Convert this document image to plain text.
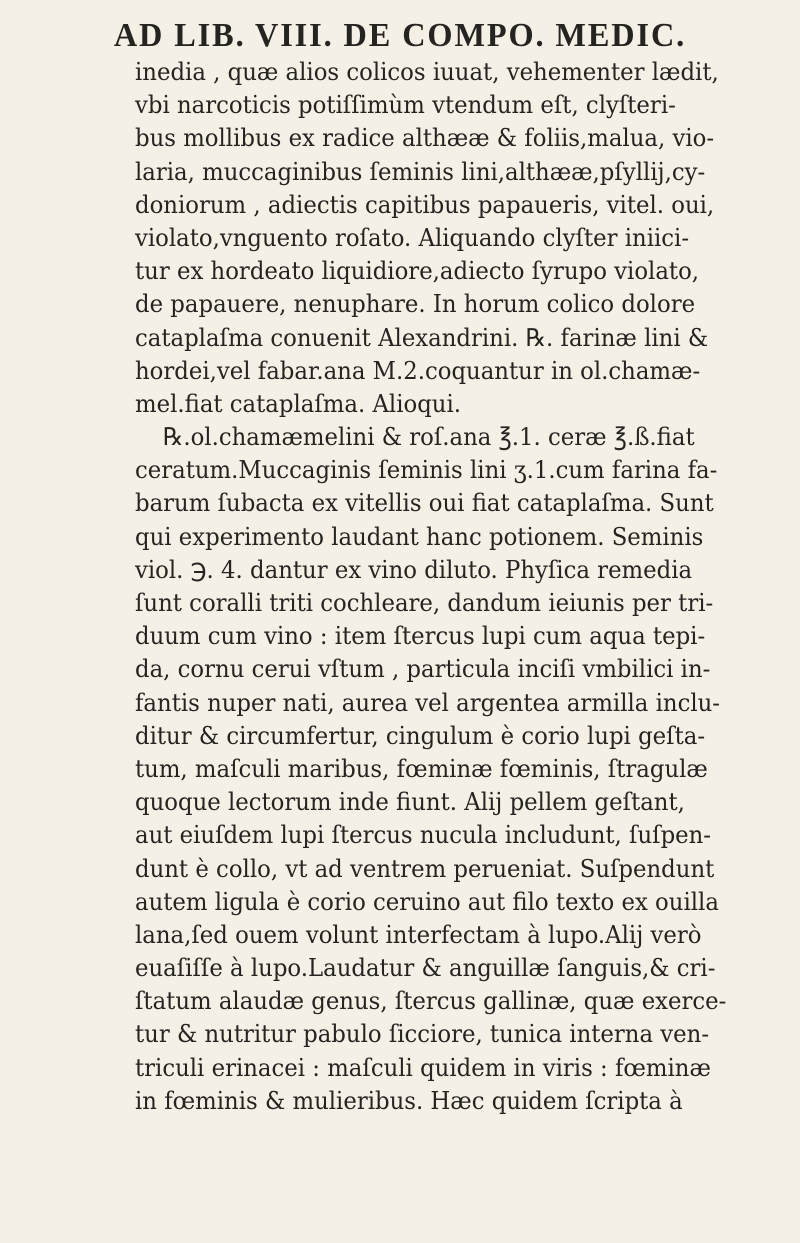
AD LIB. VIII. DE COMPO. MEDIC.
inedia , quæ alios colicos iuuat, vehementer lædit,
vbi narcoticis potiſſimùm vtendum eſt, clyſteri-
bus mollibus ex radice althææ & foliis,malua, vio-
laria, muccaginibus ſeminis lini,althææ,pſyllij,cy-
doniorum , adiectis capitibus papaueris, vitel. oui,
violato,vnguento roſato. Aliquando clyſter iniici-
tur ex hordeato liquidiore,adiecto ſyrupo violato,
de papauere, nenuphare. In horum colico dolore
cataplaſma conuenit Alexandrini. ℞. farinæ lini &
hordei,vel fabar.ana M.2.coquantur in ol.chamæ-
mel.fiat cataplaſma. Alioqui.
℞.ol.chamæmelini & roſ.ana ℥.1. ceræ ℥.ß.fiat
ceratum.Muccaginis ſeminis lini ʒ.1.cum farina fa-
barum ſubacta ex vitellis oui fiat cataplaſma. Sunt
qui experimento laudant hanc potionem. Seminis
viol. ℈. 4. dantur ex vino diluto. Phyſica remedia
ſunt coralli triti cochleare, dandum ieiunis per tri-
duum cum vino : item ſtercus lupi cum aqua tepi-
da, cornu cerui vſtum , particula inciſi vmbilici in-
fantis nuper nati, aurea vel argentea armilla inclu-
ditur & circumfertur, cingulum è corio lupi geſta-
tum, maſculi maribus, fœminæ fœminis, ſtragulæ
quoque lectorum inde fiunt. Alij pellem geſtant,
aut eiuſdem lupi ſtercus nucula includunt, ſuſpen-
dunt è collo, vt ad ventrem perueniat. Suſpendunt
autem ligula è corio ceruino aut filo texto ex ouilla
lana,ſed ouem volunt interfectam à lupo.Alij verò
euaſiſſe à lupo.Laudatur & anguillæ ſanguis,& cri-
ſtatum alaudæ genus, ſtercus gallinæ, quæ exerce-
tur & nutritur pabulo ſicciore, tunica interna ven-
triculi erinacei : maſculi quidem in viris : fœminæ
in fœminis & mulieribus. Hæc quidem ſcripta à
